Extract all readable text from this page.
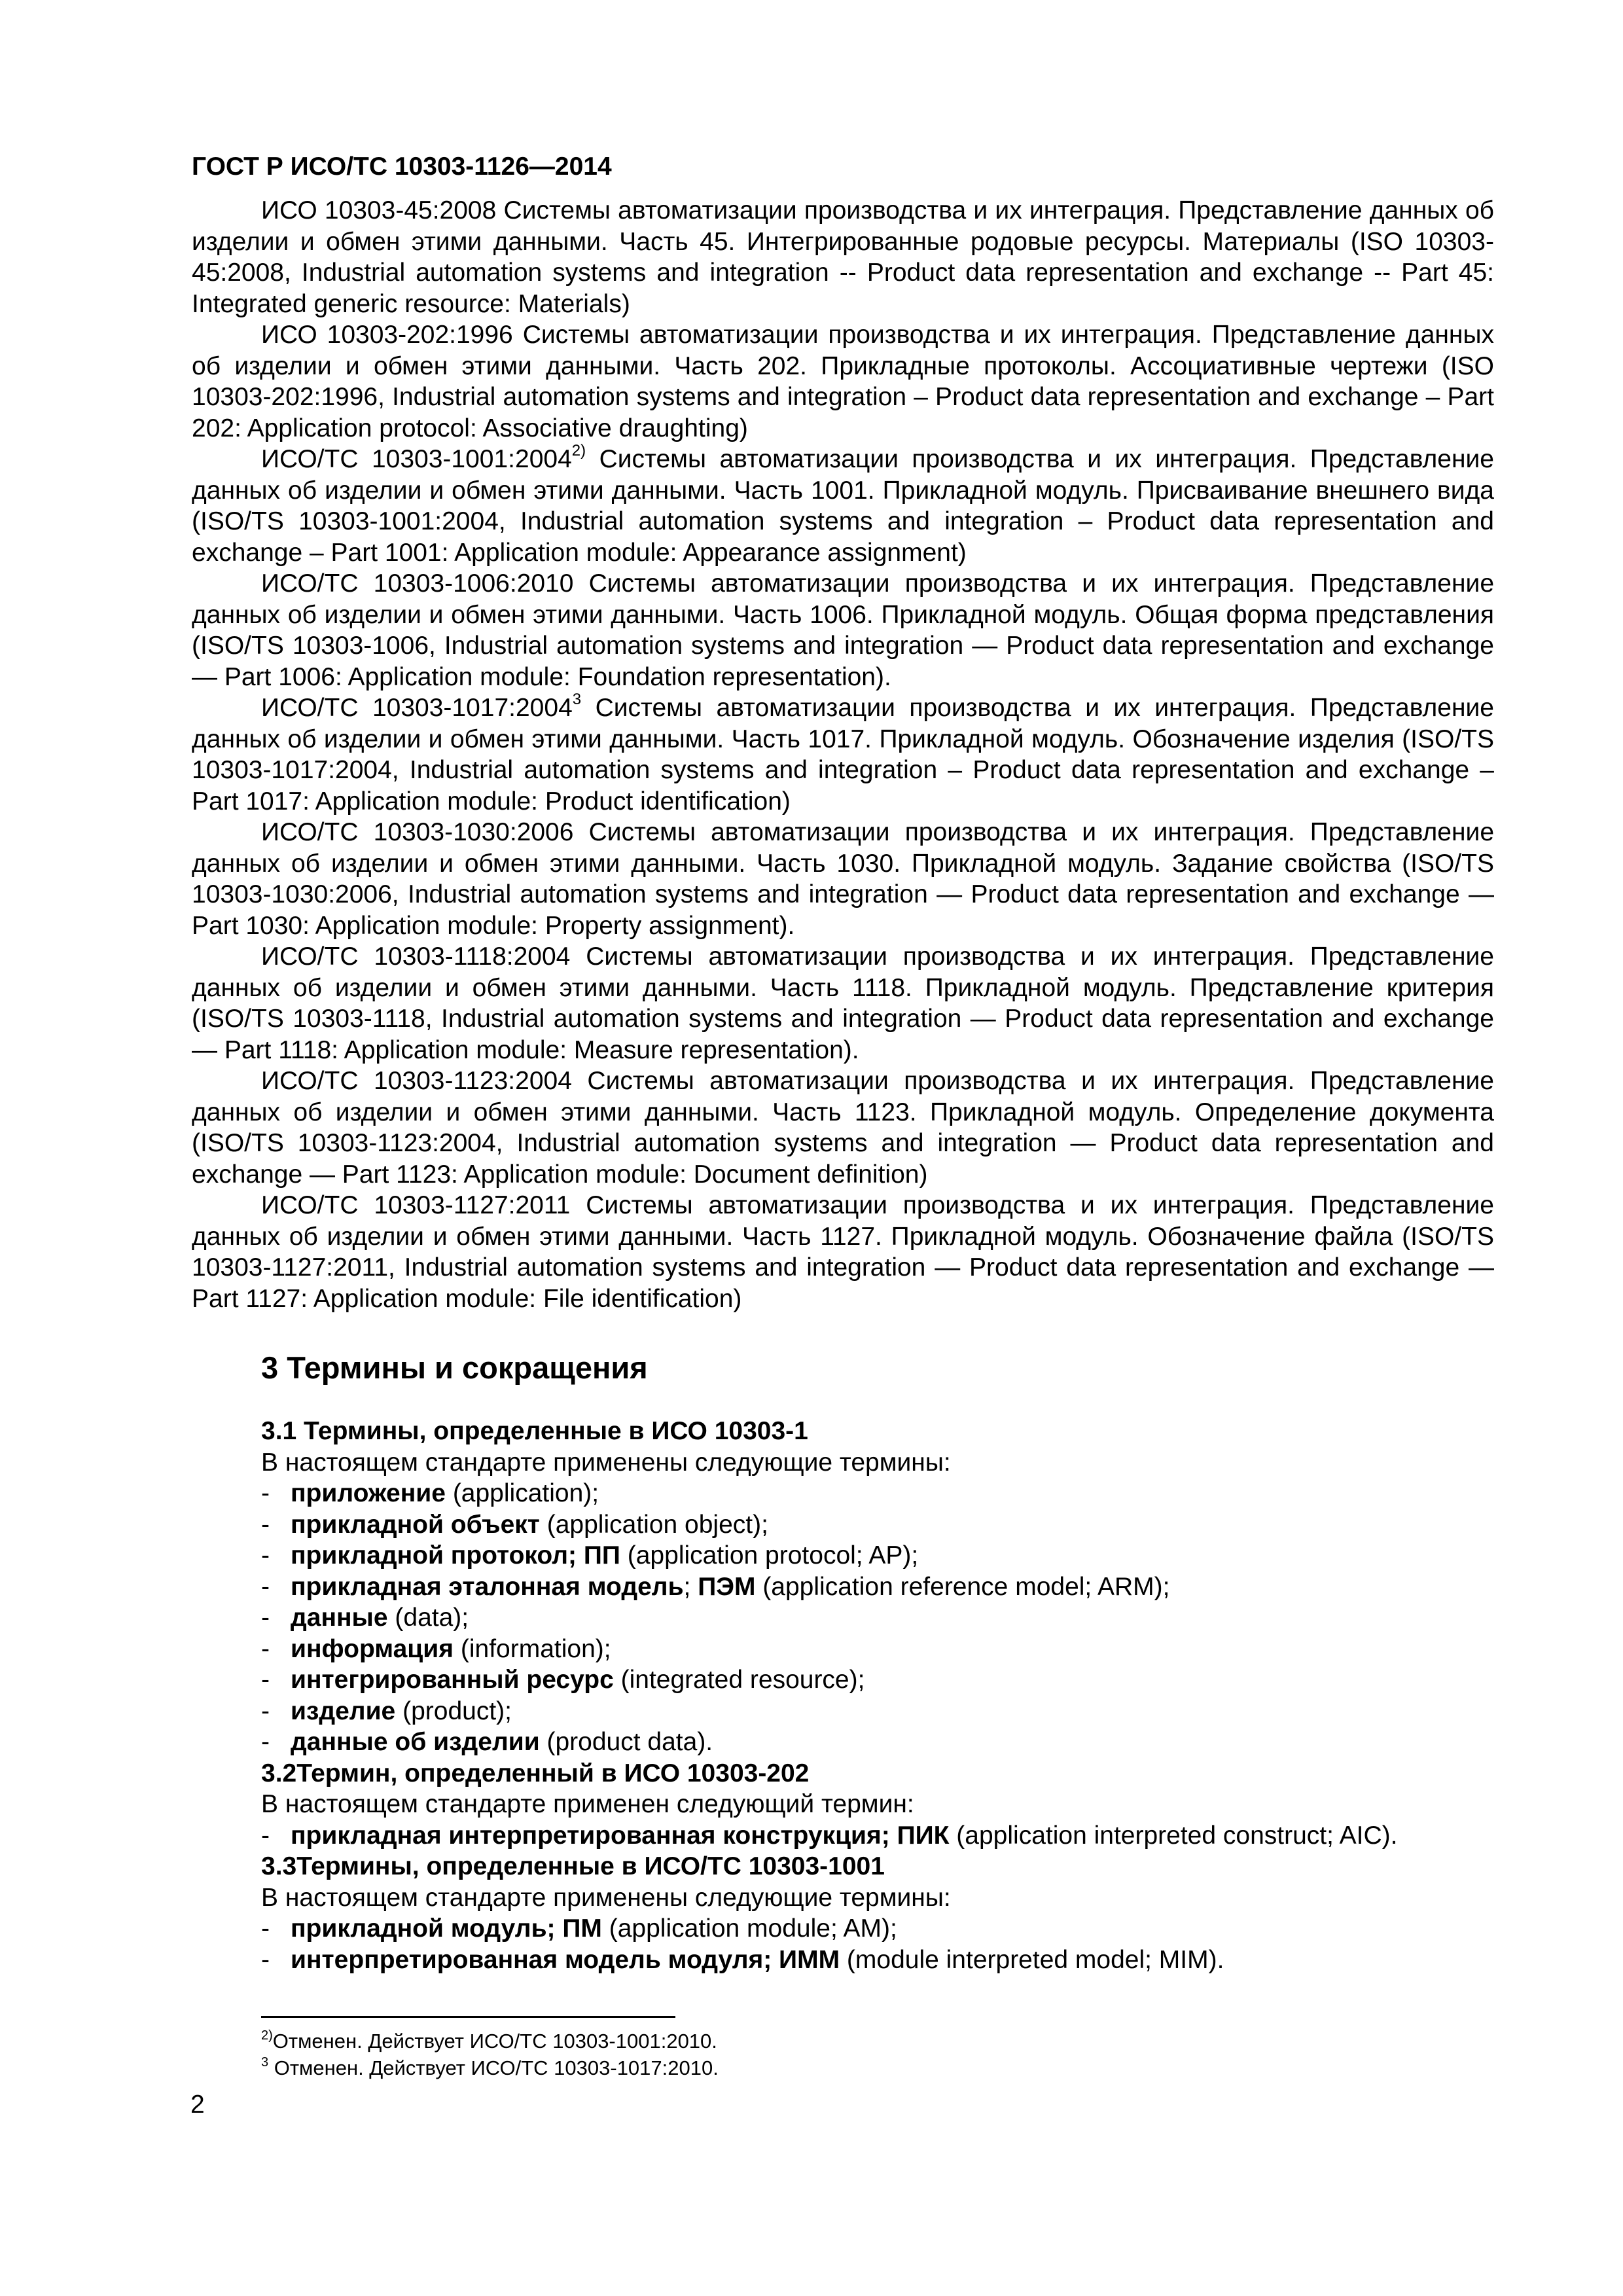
ГОСТ Р ИСО/ТС 10303-1126—2014

ИСО 10303-45:2008 Системы автоматизации производства и их интеграция. Представление данных об изделии и обмен этими данными. Часть 45. Интегрированные родовые ресурсы. Материалы (ISO 10303-45:2008, Industrial automation systems and integration -- Product data representation and exchange -- Part 45: Integrated generic resource: Materials)

ИСО 10303-202:1996 Системы автоматизации производства и их интеграция. Представление данных об изделии и обмен этими данными. Часть 202. Прикладные протоколы. Ассоциативные чертежи (ISO 10303-202:1996, Industrial automation systems and integration – Product data representation and exchange – Part 202: Application protocol: Associative draughting)

ИСО/ТС 10303-1001:2004$^{2)}$ Системы автоматизации производства и их интеграция. Представление данных об изделии и обмен этими данными. Часть 1001. Прикладной модуль. Присваивание внешнего вида (ISO/TS 10303-1001:2004, Industrial automation systems and integration – Product data representation and exchange – Part 1001: Application module: Appearance assignment)

ИСО/ТС 10303-1006:2010 Системы автоматизации производства и их интеграция. Представление данных об изделии и обмен этими данными. Часть 1006. Прикладной модуль. Общая форма представления (ISO/TS 10303-1006, Industrial automation systems and integration — Product data representation and exchange — Part 1006: Application module: Foundation representation).

ИСО/ТС 10303-1017:2004$^3$ Системы автоматизации производства и их интеграция. Представление данных об изделии и обмен этими данными. Часть 1017. Прикладной модуль. Обозначение изделия (ISO/TS 10303-1017:2004, Industrial automation systems and integration – Product data representation and exchange – Part 1017: Application module: Product identification)

ИСО/ТС 10303-1030:2006 Системы автоматизации производства и их интеграция. Представление данных об изделии и обмен этими данными. Часть 1030. Прикладной модуль. Задание свойства (ISO/TS 10303-1030:2006, Industrial automation systems and integration — Product data representation and exchange — Part 1030: Application module: Property assignment).

ИСО/ТС 10303-1118:2004 Системы автоматизации производства и их интеграция. Представление данных об изделии и обмен этими данными. Часть 1118. Прикладной модуль. Представление критерия (ISO/TS 10303-1118, Industrial automation systems and integration — Product data representation and exchange — Part 1118: Application module: Measure representation).

ИСО/ТС 10303-1123:2004 Системы автоматизации производства и их интеграция. Представление данных об изделии и обмен этими данными. Часть 1123. Прикладной модуль. Определение документа (ISO/TS 10303-1123:2004, Industrial automation systems and integration — Product data representation and exchange — Part 1123: Application module: Document definition)

ИСО/ТС 10303-1127:2011 Системы автоматизации производства и их интеграция. Представление данных об изделии и обмен этими данными. Часть 1127. Прикладной модуль. Обозначение файла (ISO/TS 10303-1127:2011, Industrial automation systems and integration — Product data representation and exchange — Part 1127: Application module: File identification)

3 Термины и сокращения

3.1 Термины, определенные в ИСО 10303-1

В настоящем стандарте применены следующие термины:

- приложение (application);
- прикладной объект (application object);
- прикладной протокол; ПП (application protocol; AP);
- прикладная эталонная модель; ПЭМ (application reference model; ARM);
- данные (data);
- информация (information);
- интегрированный ресурс (integrated resource);
- изделие (product);
- данные об изделии (product data).

3.2Термин, определенный в ИСО 10303-202

В настоящем стандарте применен следующий термин:

- прикладная интерпретированная конструкция; ПИК (application interpreted construct; AIC).

3.3Термины, определенные в ИСО/ТС 10303-1001

В настоящем стандарте применены следующие термины:

- прикладной модуль; ПМ (application module; AM);
- интерпретированная модель модуля; ИММ (module interpreted model; MIM).

$^{2)}$Отменен. Действует ИСО/ТС 10303-1001:2010.

$^3$ Отменен. Действует ИСО/ТС 10303-1017:2010.

2
